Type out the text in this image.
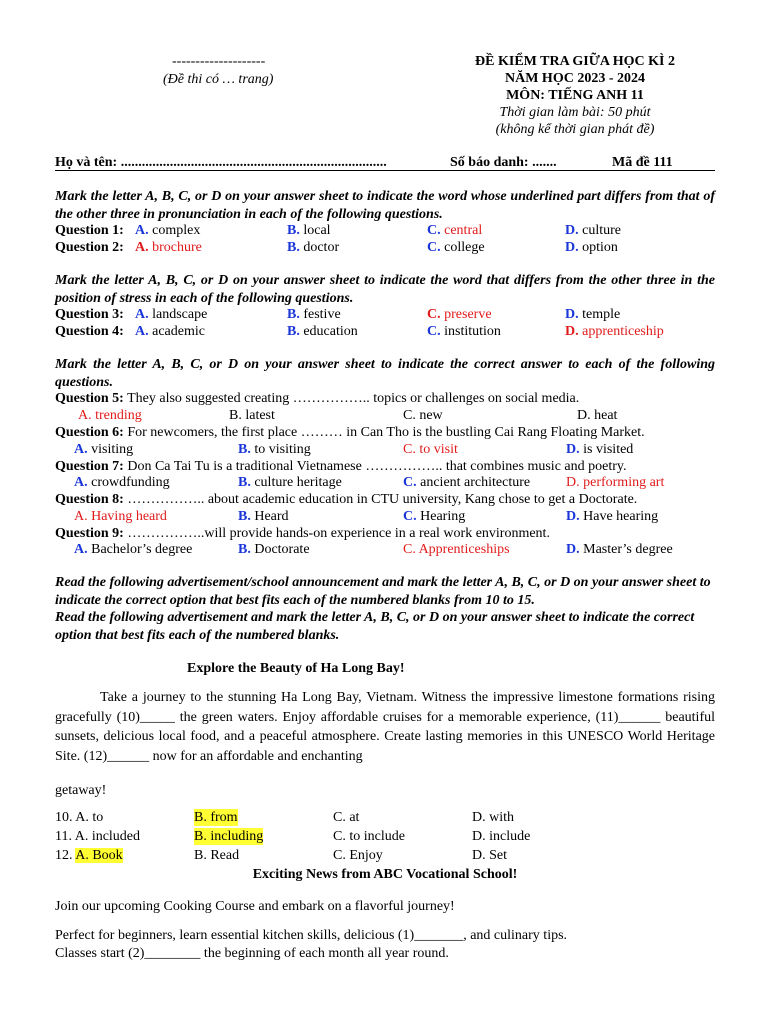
--------------------
(Đề thi có … trang)
ĐỀ KIỂM TRA GIỮA HỌC KÌ 2
NĂM HỌC 2023 - 2024
MÔN: TIẾNG ANH 11
Thời gian làm bài: 50 phút
(không kể thời gian phát đề)
Họ và tên: ............................................................................	Số báo danh: .......	Mã đề 111
Mark the letter A, B, C, or D on your answer sheet to indicate the word whose underlined part differs from that of the other three in pronunciation in each of the following questions.
Question 1: A. complex	B. local	C. central	D. culture
Question 2: A. brochure	B. doctor	C. college	D. option
Mark the letter A, B, C, or D on your answer sheet to indicate the word that differs from the other three in the position of stress in each of the following questions.
Question 3: A. landscape	B. festive	C. preserve	D. temple
Question 4: A. academic	B. education	C. institution	D. apprenticeship
Mark the letter A, B, C, or D on your answer sheet to indicate the correct answer to each of the following questions.
Question 5: They also suggested creating …………….. topics or challenges on social media.
A. trending	B. latest	C. new	D. heat
Question 6: For newcomers, the first place ……… in Can Tho is the bustling Cai Rang Floating Market.
A. visiting	B. to visiting	C. to visit	D. is visited
Question 7: Don Ca Tai Tu is a traditional Vietnamese …………….. that combines music and poetry.
A. crowdfunding	B. culture heritage	C. ancient architecture	D. performing art
Question 8: …………….. about academic education in CTU university, Kang chose to get a Doctorate.
A. Having heard	B. Heard	C. Hearing	D. Have hearing
Question 9: ……………..will provide hands-on experience in a real work environment.
A. Bachelor’s degree	B. Doctorate	C. Apprenticeships	D. Master’s degree
Read the following advertisement/school announcement and mark the letter A, B, C, or D on your answer sheet to indicate the correct option that best fits each of the numbered blanks from 10 to 15.
Read the following advertisement and mark the letter A, B, C, or D on your answer sheet to indicate the correct option that best fits each of the numbered blanks.
Explore the Beauty of Ha Long Bay!
Take a journey to the stunning Ha Long Bay, Vietnam. Witness the impressive limestone formations rising gracefully (10)_____ the green waters. Enjoy affordable cruises for a memorable experience, (11)______ beautiful sunsets, delicious local food, and a peaceful atmosphere. Create lasting memories in this UNESCO World Heritage Site. (12)______ now for an affordable and enchanting
getaway!
10. A. to	B. from	C. at	D. with
11. A. included	B. including	C. to include	D. include
12. A. Book	B. Read	C. Enjoy	D. Set
Exciting News from ABC Vocational School!
Join our upcoming Cooking Course and embark on a flavorful journey!
Perfect for beginners, learn essential kitchen skills, delicious (1)_______, and culinary tips.
Classes start (2)________ the beginning of each month all year round.
